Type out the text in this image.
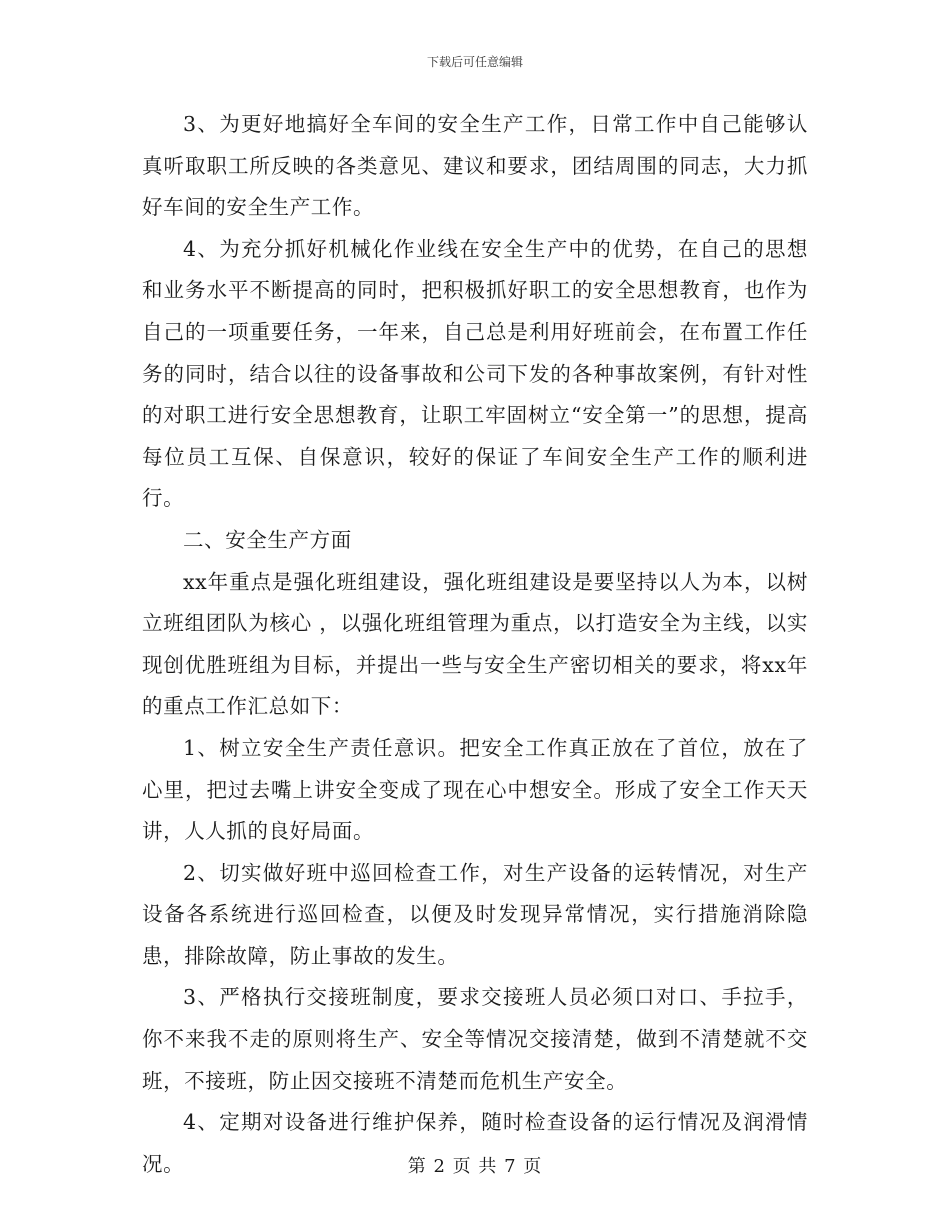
下载后可任意编辑

3、为更好地搞好全车间的安全生产工作，日常工作中自己能够认真听取职工所反映的各类意见、建议和要求，团结周围的同志，大力抓好车间的安全生产工作。

4、为充分抓好机械化作业线在安全生产中的优势，在自己的思想和业务水平不断提高的同时，把积极抓好职工的安全思想教育，也作为自己的一项重要任务，一年来，自己总是利用好班前会，在布置工作任务的同时，结合以往的设备事故和公司下发的各种事故案例，有针对性的对职工进行安全思想教育，让职工牢固树立“安全第一”的思想，提高每位员工互保、自保意识，较好的保证了车间安全生产工作的顺利进行。

二、安全生产方面

xx年重点是强化班组建设，强化班组建设是要坚持以人为本，以树立班组团队为核心 ，以强化班组管理为重点，以打造安全为主线，以实现创优胜班组为目标，并提出一些与安全生产密切相关的要求，将xx年的重点工作汇总如下：

1、树立安全生产责任意识。把安全工作真正放在了首位，放在了心里，把过去嘴上讲安全变成了现在心中想安全。形成了安全工作天天讲，人人抓的良好局面。

2、切实做好班中巡回检查工作，对生产设备的运转情况，对生产设备各系统进行巡回检查，以便及时发现异常情况，实行措施消除隐患，排除故障，防止事故的发生。

3、严格执行交接班制度，要求交接班人员必须口对口、手拉手，你不来我不走的原则将生产、安全等情况交接清楚，做到不清楚就不交班，不接班，防止因交接班不清楚而危机生产安全。

4、定期对设备进行维护保养，随时检查设备的运行情况及润滑情况。	第 2 页 共 7 页
